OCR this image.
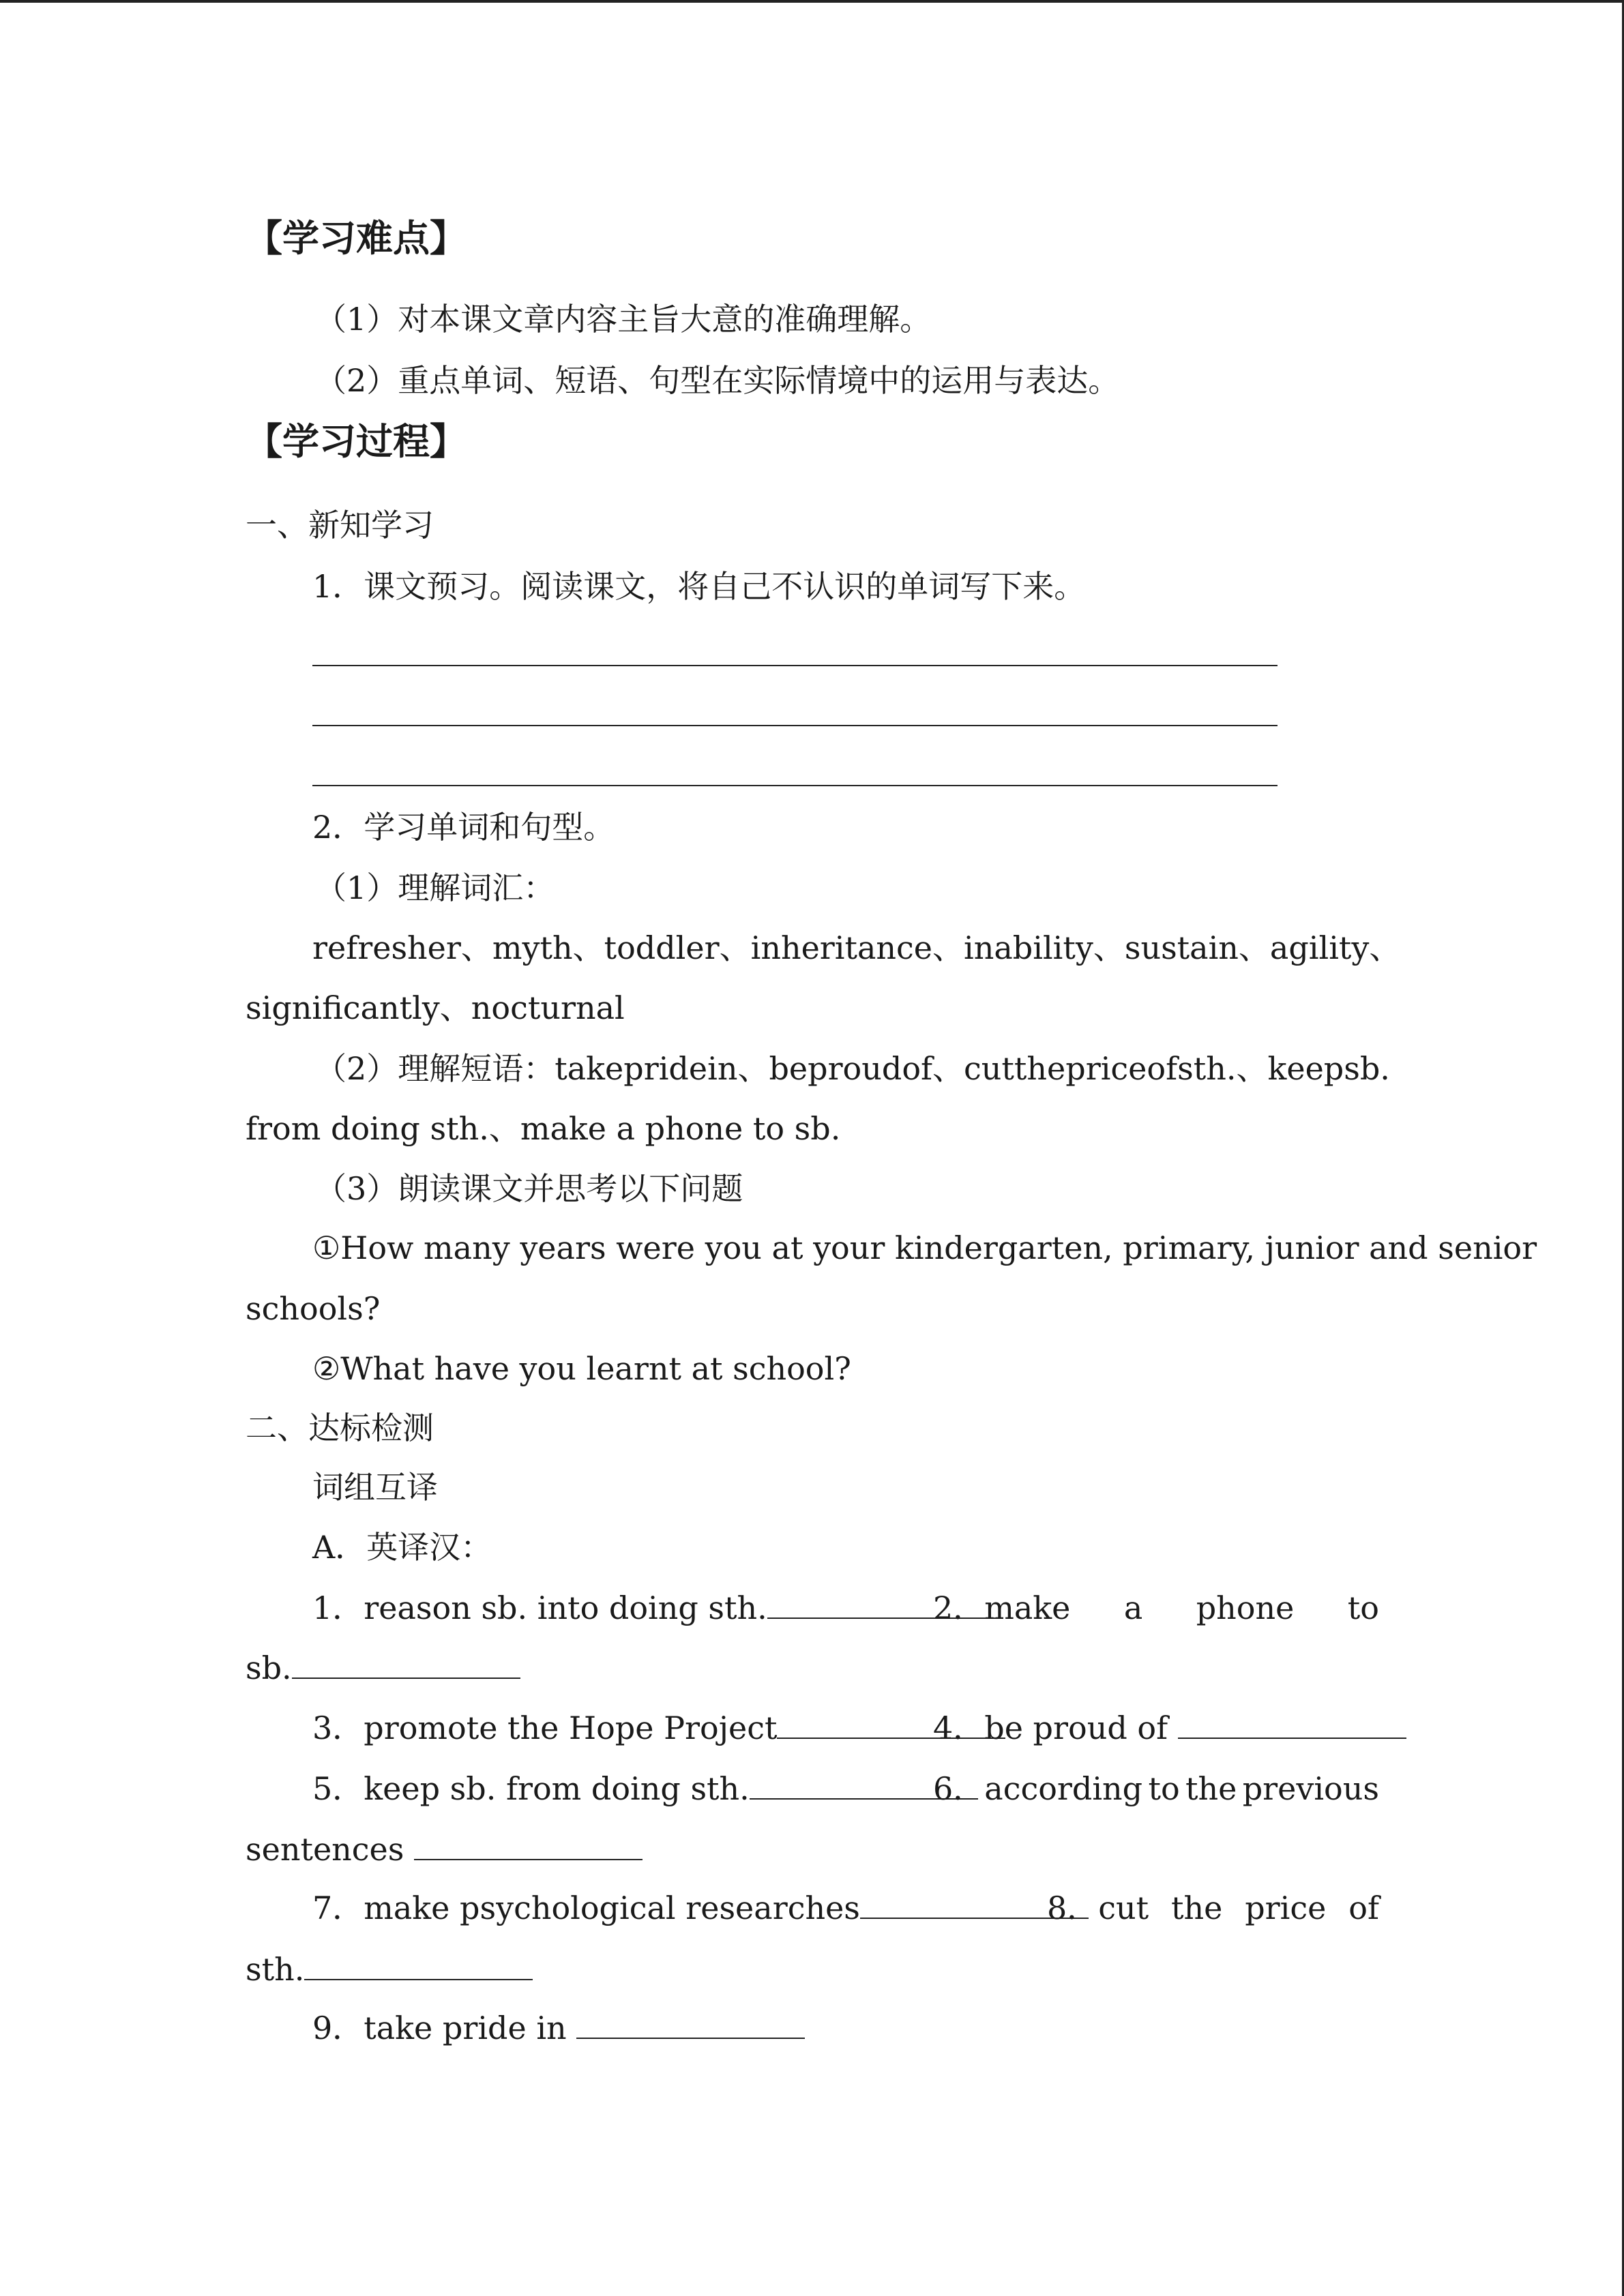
【学习难点】
（1）对本课文章内容主旨大意的准确理解。
（2）重点单词、短语、句型在实际情境中的运用与表达。
【学习过程】
一、新知学习
1．课文预习。阅读课文，将自己不认识的单词写下来。
2．学习单词和句型。
（1）理解词汇：
refresher、myth、toddler、inheritance、inability、sustain、agility、
significantly、nocturnal
（2）理解短语：take pride in、be proud of、cut the price of sth.、keep sb.
from doing sth.、make a phone to sb.
（3）朗读课文并思考以下问题
①How many years were you at your kindergarten, primary, junior and senior
schools?
②What have you learnt at school?
二、达标检测
词组互译
A．英译汉：
1．reason sb. into doing sth.	2．make a phone to
sb.
3．promote the Hope Project	4．be proud of
5．keep sb. from doing sth.	6．according to the previous
sentences
7．make psychological researches	8．cut the price of
sth.
9．take pride in
